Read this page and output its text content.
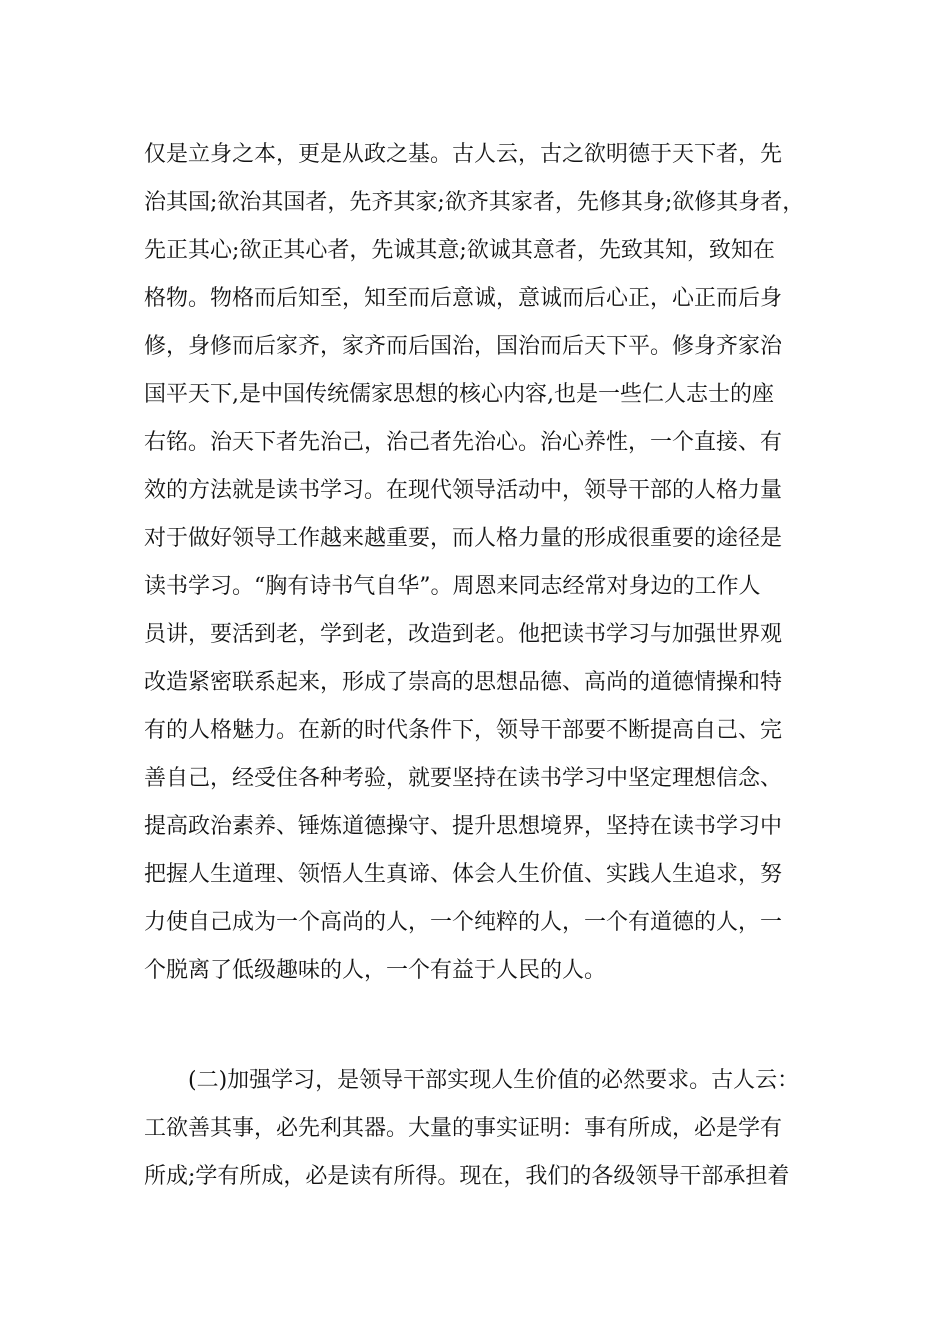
仅是立身之本，更是从政之基。古人云，古之欲明德于天下者，先
治其国;欲治其国者，先齐其家;欲齐其家者，先修其身;欲修其身者，
先正其心;欲正其心者，先诚其意;欲诚其意者，先致其知，致知在
格物。物格而后知至，知至而后意诚，意诚而后心正，心正而后身
修，身修而后家齐，家齐而后国治，国治而后天下平。修身齐家治
国平天下,是中国传统儒家思想的核心内容,也是一些仁人志士的座
右铭。治天下者先治己，治己者先治心。治心养性，一个直接、有
效的方法就是读书学习。在现代领导活动中，领导干部的人格力量
对于做好领导工作越来越重要，而人格力量的形成很重要的途径是
读书学习。“胸有诗书气自华”。周恩来同志经常对身边的工作人
员讲，要活到老，学到老，改造到老。他把读书学习与加强世界观
改造紧密联系起来，形成了崇高的思想品德、高尚的道德情操和特
有的人格魅力。在新的时代条件下，领导干部要不断提高自己、完
善自己，经受住各种考验，就要坚持在读书学习中坚定理想信念、
提高政治素养、锤炼道德操守、提升思想境界，坚持在读书学习中
把握人生道理、领悟人生真谛、体会人生价值、实践人生追求，努
力使自己成为一个高尚的人，一个纯粹的人，一个有道德的人，一
个脱离了低级趣味的人，一个有益于人民的人。
(二)加强学习，是领导干部实现人生价值的必然要求。古人云：
工欲善其事，必先利其器。大量的事实证明：事有所成，必是学有
所成;学有所成，必是读有所得。现在，我们的各级领导干部承担着
